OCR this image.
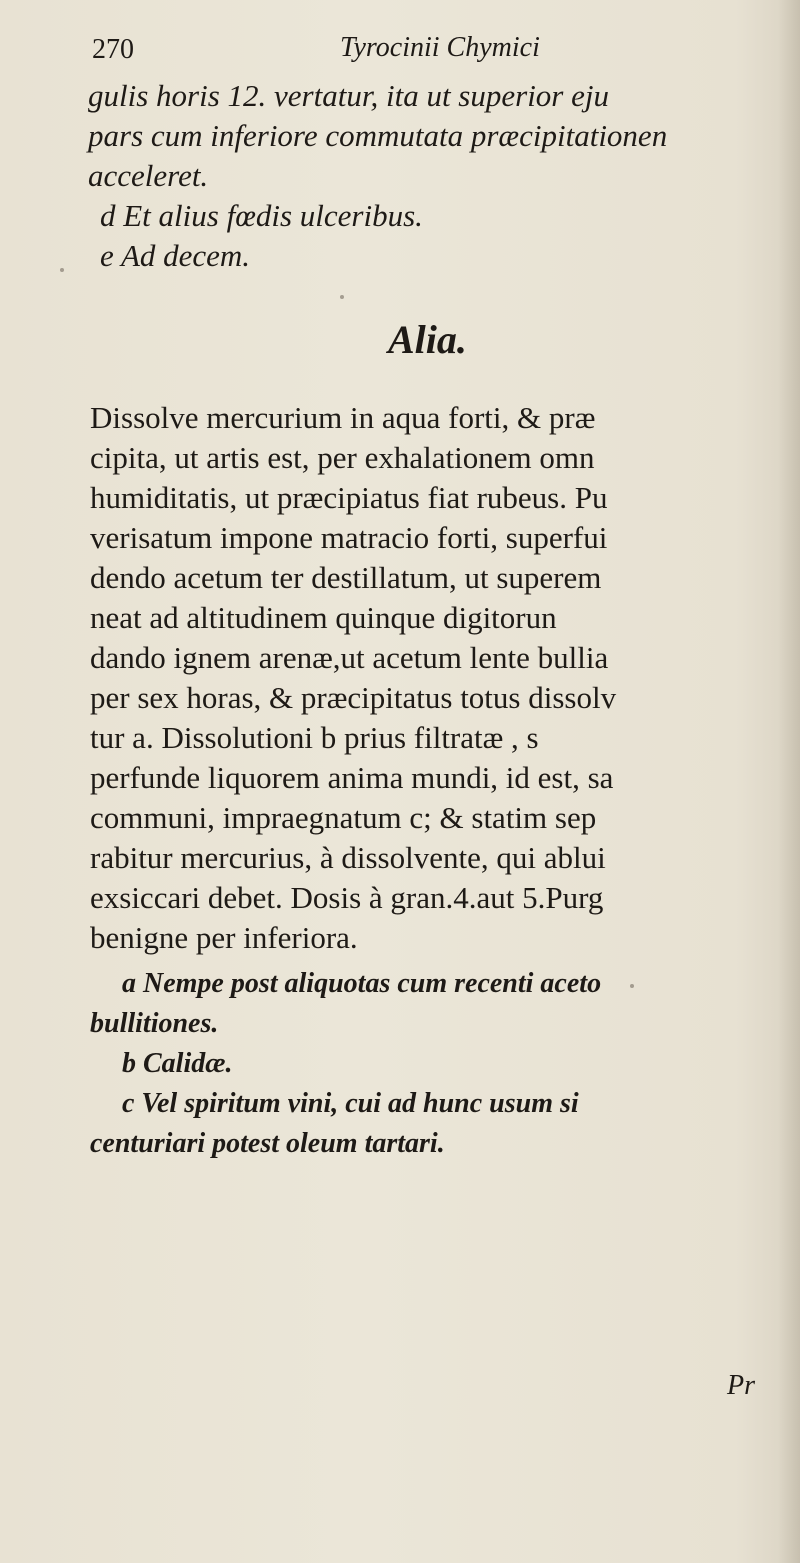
270	Tyrocinii Chymici
gulis horis 12. vertatur, ita ut superior eju
pars cum inferiore commutata præcipitationen
acceleret.
d Et alius fœdis ulceribus.
e Ad decem.
Alia.
Dissolve mercurium in aqua forti, & præ
cipita, ut artis est, per exhalationem omn
humiditatis, ut præcipiatus fiat rubeus. Pu
verisatum impone matracio forti, superfui
dendo acetum ter destillatum, ut superem
neat ad altitudinem quinque digitorun
dando ignem arenæ,ut acetum lente bullia
per sex horas, & præcipitatus totus dissolv
tur a. Dissolutioni b prius filtratæ , s
perfunde liquorem anima mundi, id est, sa
communi, impraegnatum c; & statim sep
rabitur mercurius, à dissolvente, qui ablui
exsiccari debet. Dosis à gran.4.aut 5.Purg
benigne per inferiora.
a Nempe post aliquotas cum recenti aceto
bullitiones.
b Calidæ.
c Vel spiritum vini, cui ad hunc usum si
centuriari potest oleum tartari.
Pr
